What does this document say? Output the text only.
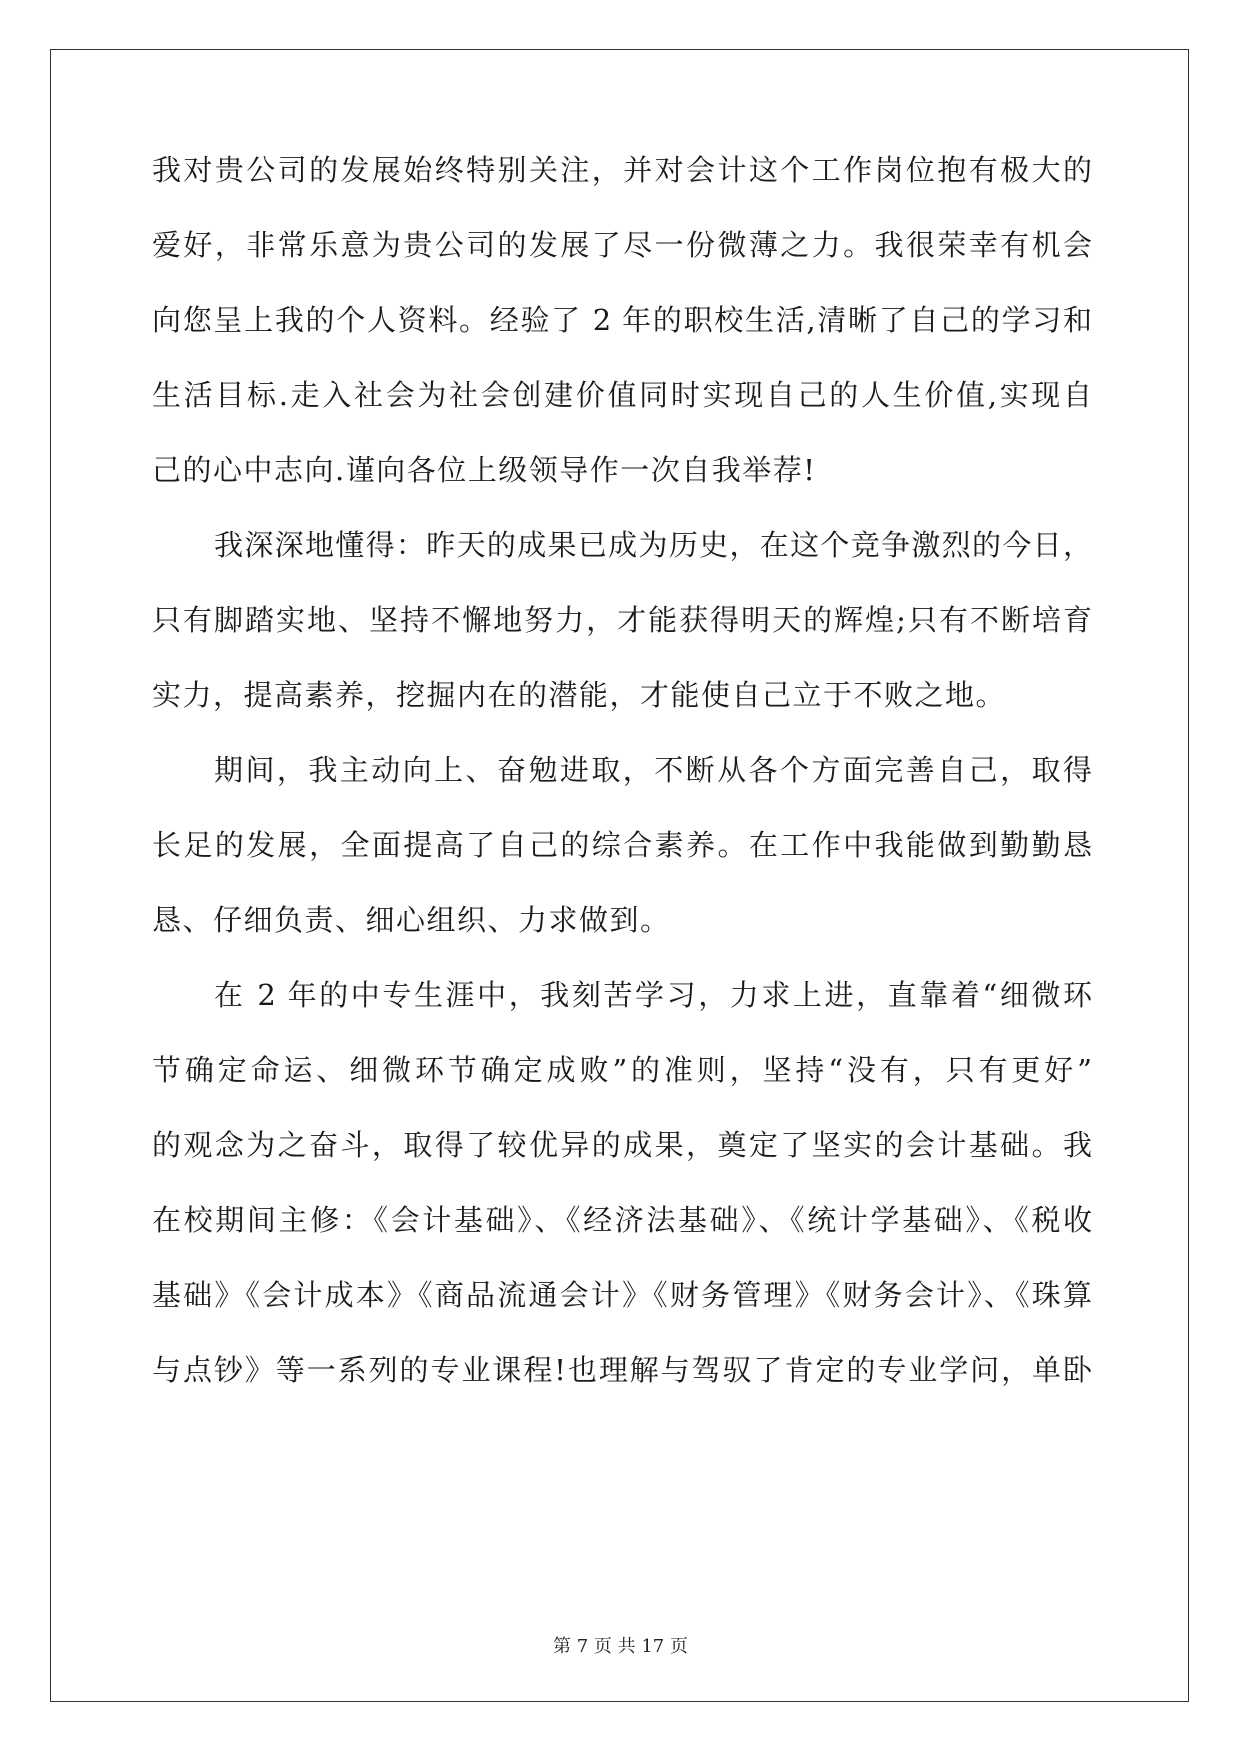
我对贵公司的发展始终特别关注，并对会计这个工作岗位抱有极大的
爱好，非常乐意为贵公司的发展了尽一份微薄之力。我很荣幸有机会
向您呈上我的个人资料。经验了 2 年的职校生活,清晰了自己的学习和
生活目标.走入社会为社会创建价值同时实现自己的人生价值,实现自
己的心中志向.谨向各位上级领导作一次自我举荐!
我深深地懂得：昨天的成果已成为历史，在这个竞争激烈的今日，
只有脚踏实地、坚持不懈地努力，才能获得明天的辉煌;只有不断培育
实力，提高素养，挖掘内在的潜能，才能使自己立于不败之地。
期间，我主动向上、奋勉进取，不断从各个方面完善自己，取得
长足的发展，全面提高了自己的综合素养。在工作中我能做到勤勤恳
恳、仔细负责、细心组织、力求做到。
在 2 年的中专生涯中，我刻苦学习，力求上进，直靠着“细微环
节确定命运、细微环节确定成败”的准则，坚持“没有，只有更好”
的观念为之奋斗，取得了较优异的成果，奠定了坚实的会计基础。我
在校期间主修：《会计基础》、《经济法基础》、《统计学基础》、《税收
基础》《会计成本》《商品流通会计》《财务管理》《财务会计》、《珠算
与点钞》等一系列的专业课程!也理解与驾驭了肯定的专业学问，单卧
第 7 页 共 17 页
